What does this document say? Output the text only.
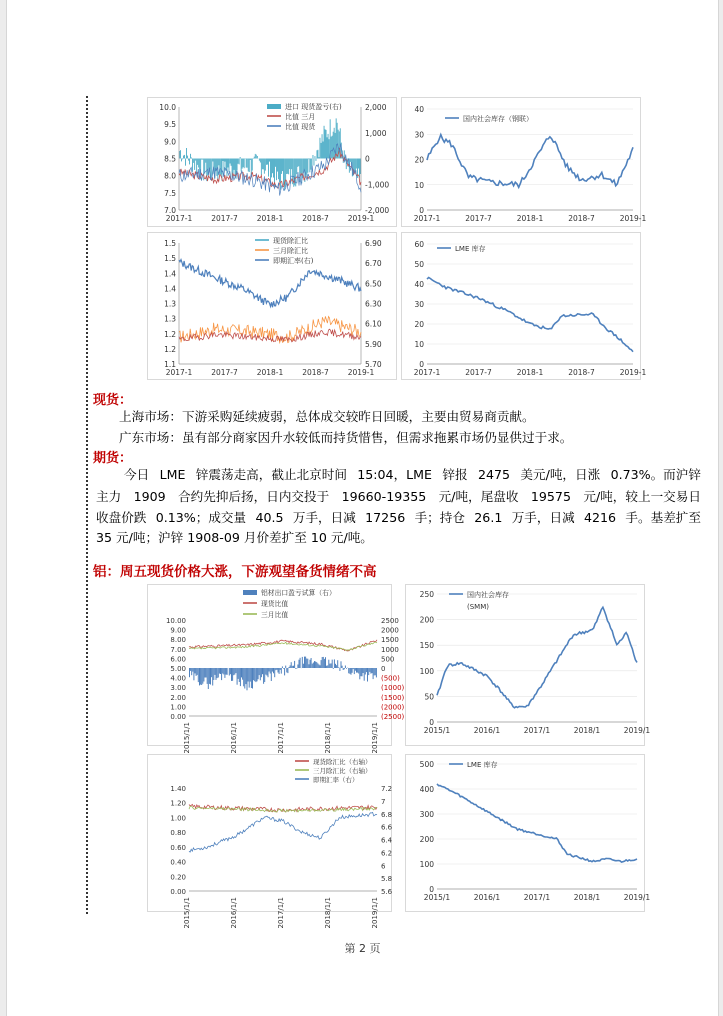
10.0
9.5
9.0
8.5
8.0
7.5
7.0
2,000
1,000
0
-1,000
-2,000
2017-1	2017-7	2018-1	2018-7	2019-1
进口 现货盈亏(右)
比值 三月
比值 现货
40
30
20
10
0
2017-1	2017-7	2018-1	2018-7	2019-1
国内社会库存（钢联）
1.5
1.5
1.4
1.4
1.3
1.3
1.2
1.2
1.1
6.90
6.70
6.50
6.30
6.10
5.90
5.70
2017-1	2017-7	2018-1	2018-7	2019-1
现货除汇比
三月除汇比
即期汇率(右)
60
50
40
30
20
10
0
2017-1	2017-7	2018-1	2018-7	2019-1
LME 库存
现货：
上海市场：下游采购延续疲弱，总体成交较昨日回暖，主要由贸易商贡献。
广东市场：虽有部分商家因升水较低而持货惜售，但需求拖累市场仍显供过于求。
期货：
今日 LME 锌震荡走高，截止北京时间 15:04，LME 锌报 2475 美元/吨，日涨 0.73%。而沪锌
主力 1909 合约先抑后扬，日内交投于 19660-19355 元/吨，尾盘收 19575 元/吨，较上一交易日
收盘价跌 0.13%；成交量 40.5 万手，日减 17256 手；持仓 26.1 万手，日减 4216 手。基差扩至
35 元/吨；沪锌 1908-09 月价差扩至 10 元/吨。
铝：周五现货价格大涨，下游观望备货情绪不高
10.00
9.00
8.00
7.00
6.00
5.00
4.00
3.00
2.00
1.00
0.00
2500
2000
1500
1000
500
0
(500)
(1000)
(1500)
(2000)
(2500)
2015/1/1	2016/1/1	2017/1/1	2018/1/1	2019/1/1
铝材出口盈亏试算（右）
现货比值
三月比值
250
200
150
100
50
0
2015/1	2016/1	2017/1	2018/1	2019/1
国内社会库存
(SMM)
1.40
1.20
1.00
0.80
0.60
0.40
0.20
0.00
7.2
7
6.8
6.6
6.4
6.2
6
5.8
5.6
2015/1/1	2016/1/1	2017/1/1	2018/1/1	2019/1/1
现货除汇比（右轴）
三月除汇比（右轴）
即期汇率（右）
500
400
300
200
100
0
2015/1	2016/1	2017/1	2018/1	2019/1
LME 库存
第 2 页
